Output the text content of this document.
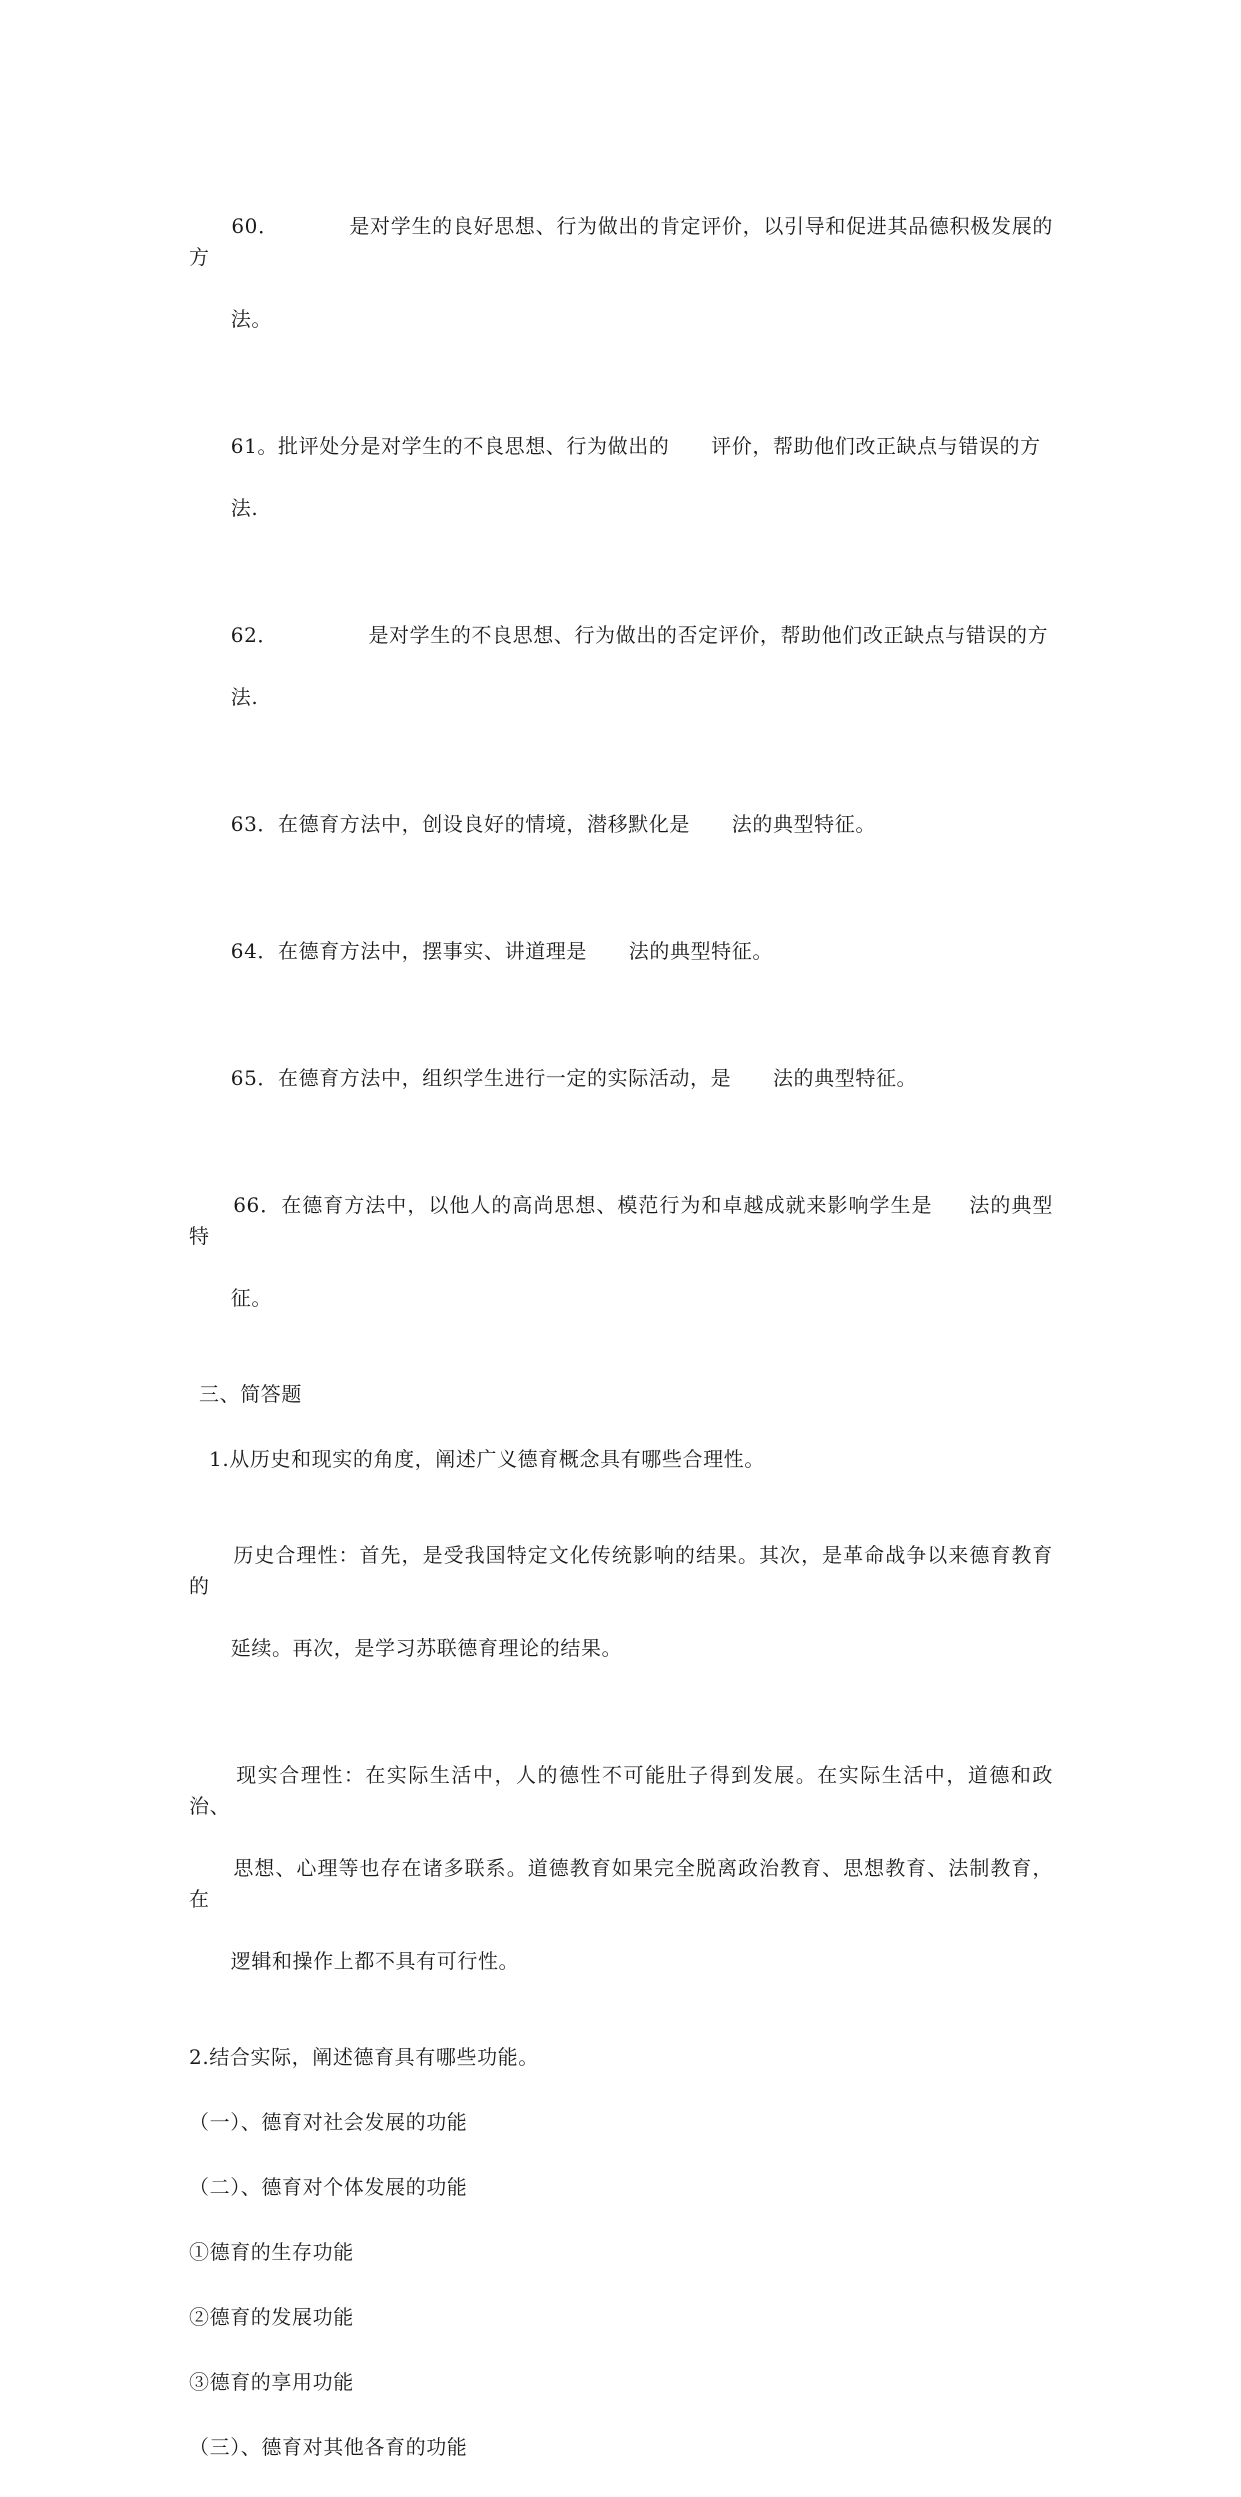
60．          是对学生的良好思想、行为做出的肯定评价，以引导和促进其品德积极发展的方

法。

61。批评处分是对学生的不良思想、行为做出的      评价，帮助他们改正缺点与错误的方

法.

62．             是对学生的不良思想、行为做出的否定评价，帮助他们改正缺点与错误的方

法.

63．在德育方法中，创设良好的情境，潜移默化是      法的典型特征。

64．在德育方法中，摆事实、讲道理是      法的典型特征。

65．在德育方法中，组织学生进行一定的实际活动，是      法的典型特征。

66．在德育方法中，以他人的高尚思想、模范行为和卓越成就来影响学生是     法的典型特

征。

三、简答题

1.从历史和现实的角度，阐述广义德育概念具有哪些合理性。

历史合理性：首先，是受我国特定文化传统影响的结果。其次，是革命战争以来德育教育的

延续。再次，是学习苏联德育理论的结果。

现实合理性：在实际生活中，人的德性不可能肚子得到发展。在实际生活中，道德和政治、

思想、心理等也存在诸多联系。道德教育如果完全脱离政治教育、思想教育、法制教育，在

逻辑和操作上都不具有可行性。

2.结合实际，阐述德育具有哪些功能。

（一）、德育对社会发展的功能

（二）、德育对个体发展的功能

①德育的生存功能

②德育的发展功能

③德育的享用功能

（三）、德育对其他各育的功能
